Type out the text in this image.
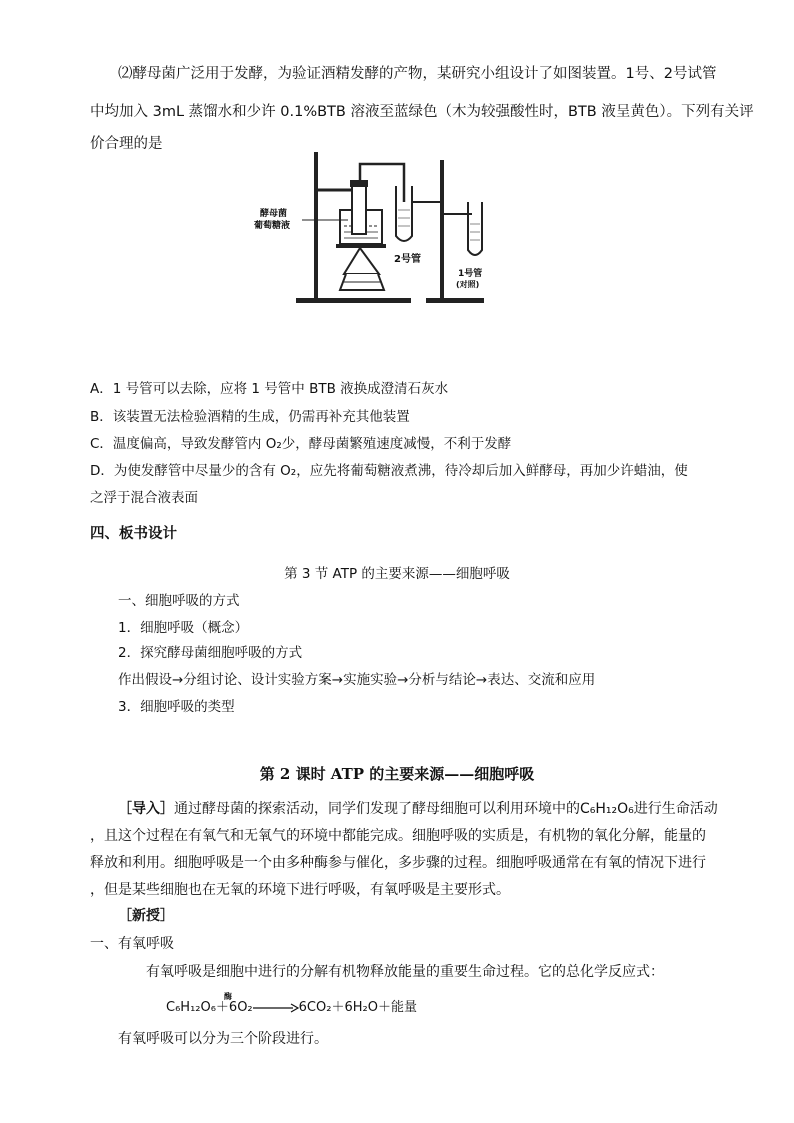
⑵酵母菌广泛用于发酵，为验证酒精发酵的产物，某研究小组设计了如图装置。1号、2号试管
中均加入 3mL 蒸馏水和少许 0.1%BTB 溶液至蓝绿色（木为较强酸性时，BTB 液呈黄色）。下列有关评
价合理的是
酵母菌
葡萄糖液
2号管
1号管
(对照)
A．1 号管可以去除，应将 1 号管中 BTB 液换成澄清石灰水
B．该装置无法检验酒精的生成，仍需再补充其他装置
C．温度偏高，导致发酵管内 O₂少，酵母菌繁殖速度减慢，不利于发酵
D．为使发酵管中尽量少的含有 O₂，应先将葡萄糖液煮沸，待冷却后加入鲜酵母，再加少许蜡油，使
之浮于混合液表面
四、板书设计
第 3 节 ATP 的主要来源——细胞呼吸
一、细胞呼吸的方式
1．细胞呼吸（概念）
2．探究酵母菌细胞呼吸的方式
作出假设→分组讨论、设计实验方案→实施实验→分析与结论→表达、交流和应用
3．细胞呼吸的类型
第 2 课时 ATP 的主要来源——细胞呼吸
［导入］通过酵母菌的探索活动，同学们发现了酵母细胞可以利用环境中的C₆H₁₂O₆进行生命活动
，且这个过程在有氧气和无氧气的环境中都能完成。细胞呼吸的实质是，有机物的氧化分解，能量的
释放和利用。细胞呼吸是一个由多种酶参与催化，多步骤的过程。细胞呼吸通常在有氧的情况下进行
，但是某些细胞也在无氧的环境下进行呼吸，有氧呼吸是主要形式。
［新授］
一、有氧呼吸
有氧呼吸是细胞中进行的分解有机物释放能量的重要生命过程。它的总化学反应式：
C₆H₁₂O₆＋6O₂→6CO₂＋6H₂O＋能量
酶
有氧呼吸可以分为三个阶段进行。
